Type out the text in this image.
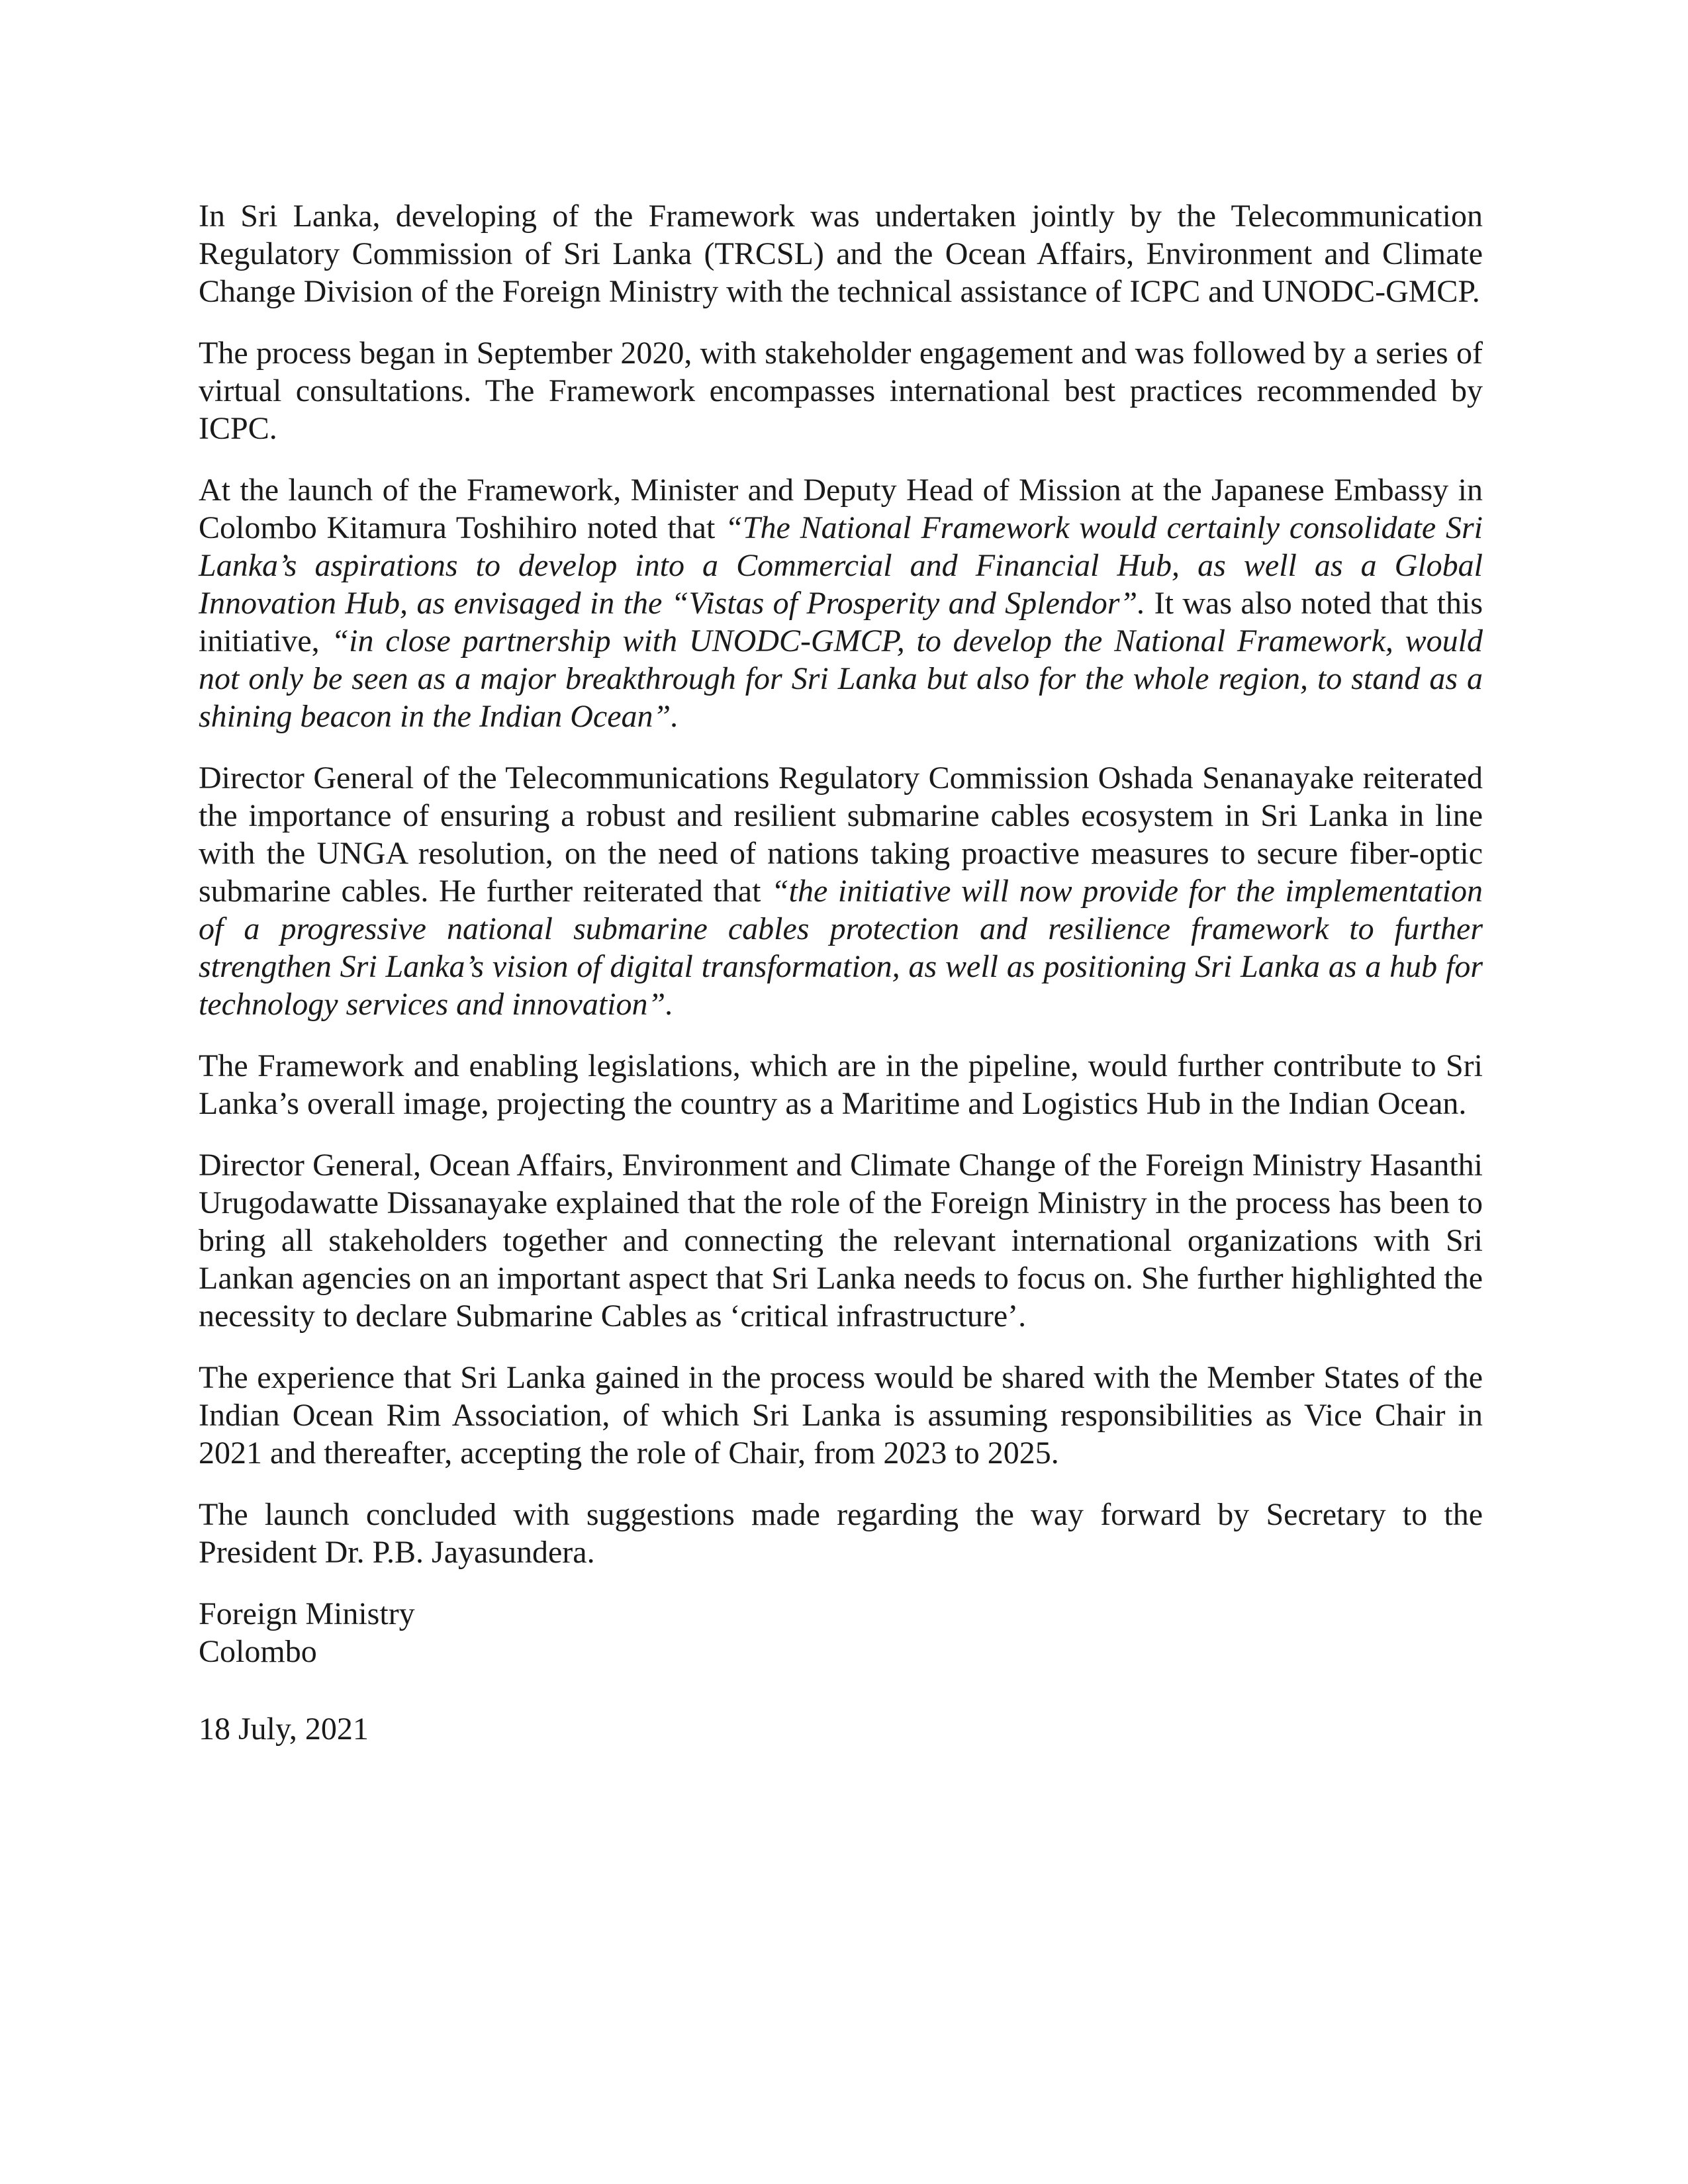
In Sri Lanka, developing of the Framework was undertaken jointly by the Telecommunication Regulatory Commission of Sri Lanka (TRCSL) and the Ocean Affairs, Environment and Climate Change Division of the Foreign Ministry with the technical assistance of ICPC and UNODC-GMCP.

The process began in September 2020, with stakeholder engagement and was followed by a series of virtual consultations. The Framework encompasses international best practices recommended by ICPC.

At the launch of the Framework, Minister and Deputy Head of Mission at the Japanese Embassy in Colombo Kitamura Toshihiro noted that “The National Framework would certainly consolidate Sri Lanka’s aspirations to develop into a Commercial and Financial Hub, as well as a Global Innovation Hub, as envisaged in the “Vistas of Prosperity and Splendor”. It was also noted that this initiative, “in close partnership with UNODC-GMCP, to develop the National Framework, would not only be seen as a major breakthrough for Sri Lanka but also for the whole region, to stand as a shining beacon in the Indian Ocean”.

Director General of the Telecommunications Regulatory Commission Oshada Senanayake reiterated the importance of ensuring a robust and resilient submarine cables ecosystem in Sri Lanka in line with the UNGA resolution, on the need of nations taking proactive measures to secure fiber-optic submarine cables. He further reiterated that “the initiative will now provide for the implementation of a progressive national submarine cables protection and resilience framework to further strengthen Sri Lanka’s vision of digital transformation, as well as positioning Sri Lanka as a hub for technology services and innovation”.

The Framework and enabling legislations, which are in the pipeline, would further contribute to Sri Lanka’s overall image, projecting the country as a Maritime and Logistics Hub in the Indian Ocean.

Director General, Ocean Affairs, Environment and Climate Change of the Foreign Ministry Hasanthi Urugodawatte Dissanayake explained that the role of the Foreign Ministry in the process has been to bring all stakeholders together and connecting the relevant international organizations with Sri Lankan agencies on an important aspect that Sri Lanka needs to focus on. She further highlighted the necessity to declare Submarine Cables as ‘critical infrastructure’.

The experience that Sri Lanka gained in the process would be shared with the Member States of the Indian Ocean Rim Association, of which Sri Lanka is assuming responsibilities as Vice Chair in 2021 and thereafter, accepting the role of Chair, from 2023 to 2025.

The launch concluded with suggestions made regarding the way forward by Secretary to the President Dr. P.B. Jayasundera.

Foreign Ministry

Colombo

18 July, 2021
